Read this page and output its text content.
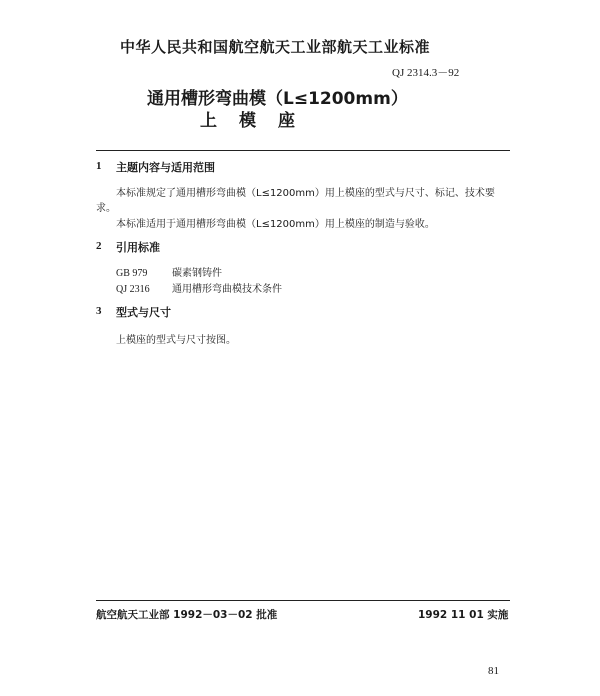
中华人民共和国航空航天工业部航天工业标准
QJ 2314.3－92
通用槽形弯曲模（L≤1200mm）
上 模 座
1 主题内容与适用范围
本标准规定了通用槽形弯曲模（L≤1200mm）用上模座的型式与尺寸、标记、技术要
求。
本标准适用于通用槽形弯曲模（L≤1200mm）用上模座的制造与验收。
2 引用标准
GB 979 碳素钢铸件
QJ 2316 通用槽形弯曲模技术条件
3 型式与尺寸
上模座的型式与尺寸按图。
航空航天工业部 1992－03－02 批准	1992 11 01 实施
81
